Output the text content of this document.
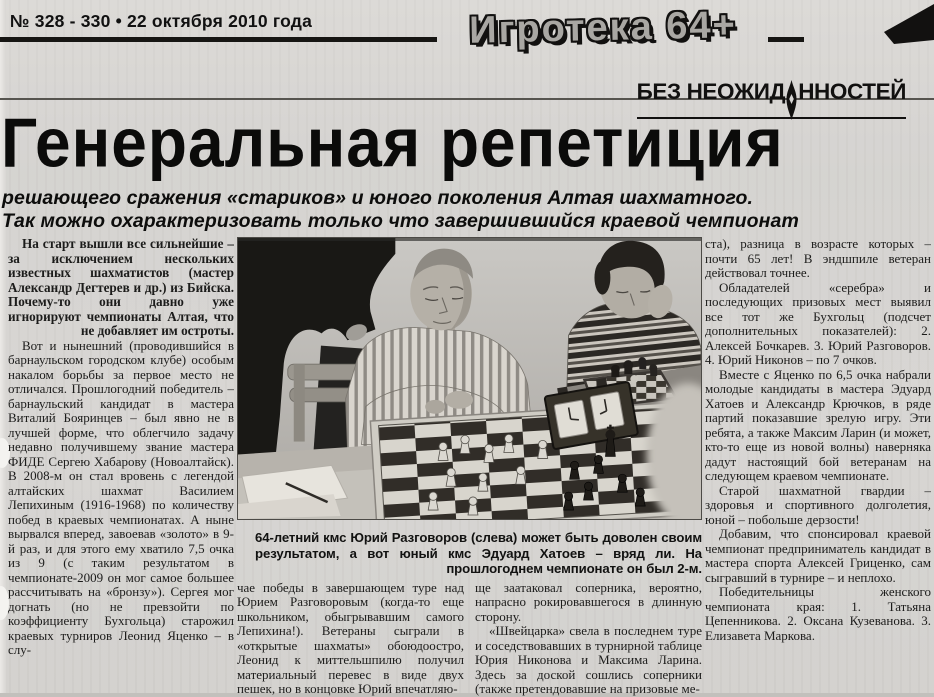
№ 328 - 330 • 22 октября 2010 года	Игротека 64+
БЕЗ НЕОЖИД ННОСТЕЙ
Генеральная репетиция
решающего сражения «стариков» и юного поколения Алтая шахматного.
Так можно охарактеризовать только что завершившийся краевой чемпионат

На старт вышли все сильнейшие – за исключением нескольких известных шахматистов (мастер Александр Дегтерев и др.) из Бийска. Почему-то они давно уже игнорируют чемпионаты Алтая, что не добавляет им остроты.

Вот и нынешний (проводившийся в барнаульском городском клубе) особым накалом борьбы за первое место не отличался. Прошлогодний победитель – барнаульский кандидат в мастера Виталий Бояринцев – был явно не в лучшей форме, что облегчило задачу недавно получившему звание мастера ФИДЕ Сергею Хабарову (Новоалтайск). В 2008-м он стал вровень с легендой алтайских шахмат Василием Лепихиным (1916-1968) по количеству побед в краевых чемпионатах. А ныне вырвался вперед, завоевав «золото» в 9-й раз, и для этого ему хватило 7,5 очка из 9 (с таким результатом в чемпионате-2009 он мог самое большее рассчитывать на «бронзу»). Сергея мог догнать (но не превзойти по коэффициенту Бухгольца) старожил краевых турниров Леонид Яценко – в слу-

64-летний кмс Юрий Разговоров (слева) может быть доволен своим результатом, а вот юный кмс Эдуард Хатоев – вряд ли. На прошлогоднем чемпионате он был 2-м.

чае победы в завершающем туре над Юрием Разговоровым (когда-то еще школьником, обыгрывавшим самого Лепихина!). Ветераны сыграли в «открытые шахматы» обоюдоостро, Леонид к миттельшпилю получил материальный перевес в виде двух пешек, но в концовке Юрий впечатляю-

ще заатаковал соперника, вероятно, напрасно рокировавшегося в длинную сторону.

«Швейцарка» свела в последнем туре и соседствовавших в турнирной таблице Юрия Никонова и Максима Ларина. Здесь за доской сошлись соперники (также претендовавшие на призовые ме-

ста), разница в возрасте которых – почти 65 лет! В эндшпиле ветеран действовал точнее.

Обладателей «серебра» и последующих призовых мест выявил все тот же Бухгольц (подсчет дополнительных показателей): 2. Алексей Бочкарев. 3. Юрий Разговоров. 4. Юрий Никонов – по 7 очков.

Вместе с Яценко по 6,5 очка набрали молодые кандидаты в мастера Эдуард Хатоев и Александр Крючков, в ряде партий показавшие зрелую игру. Эти ребята, а также Максим Ларин (и может, кто-то еще из новой волны) наверняка дадут настоящий бой ветеранам на следующем краевом чемпионате.

Старой шахматной гвардии – здоровья и спортивного долголетия, юной – побольше дерзости!

Добавим, что спонсировал краевой чемпионат предприниматель кандидат в мастера спорта Алексей Гриценко, сам сыгравший в турнире – и неплохо.

Победительницы женского чемпионата края: 1. Татьяна Цепенникова. 2. Оксана Кузеванова. 3. Елизавета Маркова.
